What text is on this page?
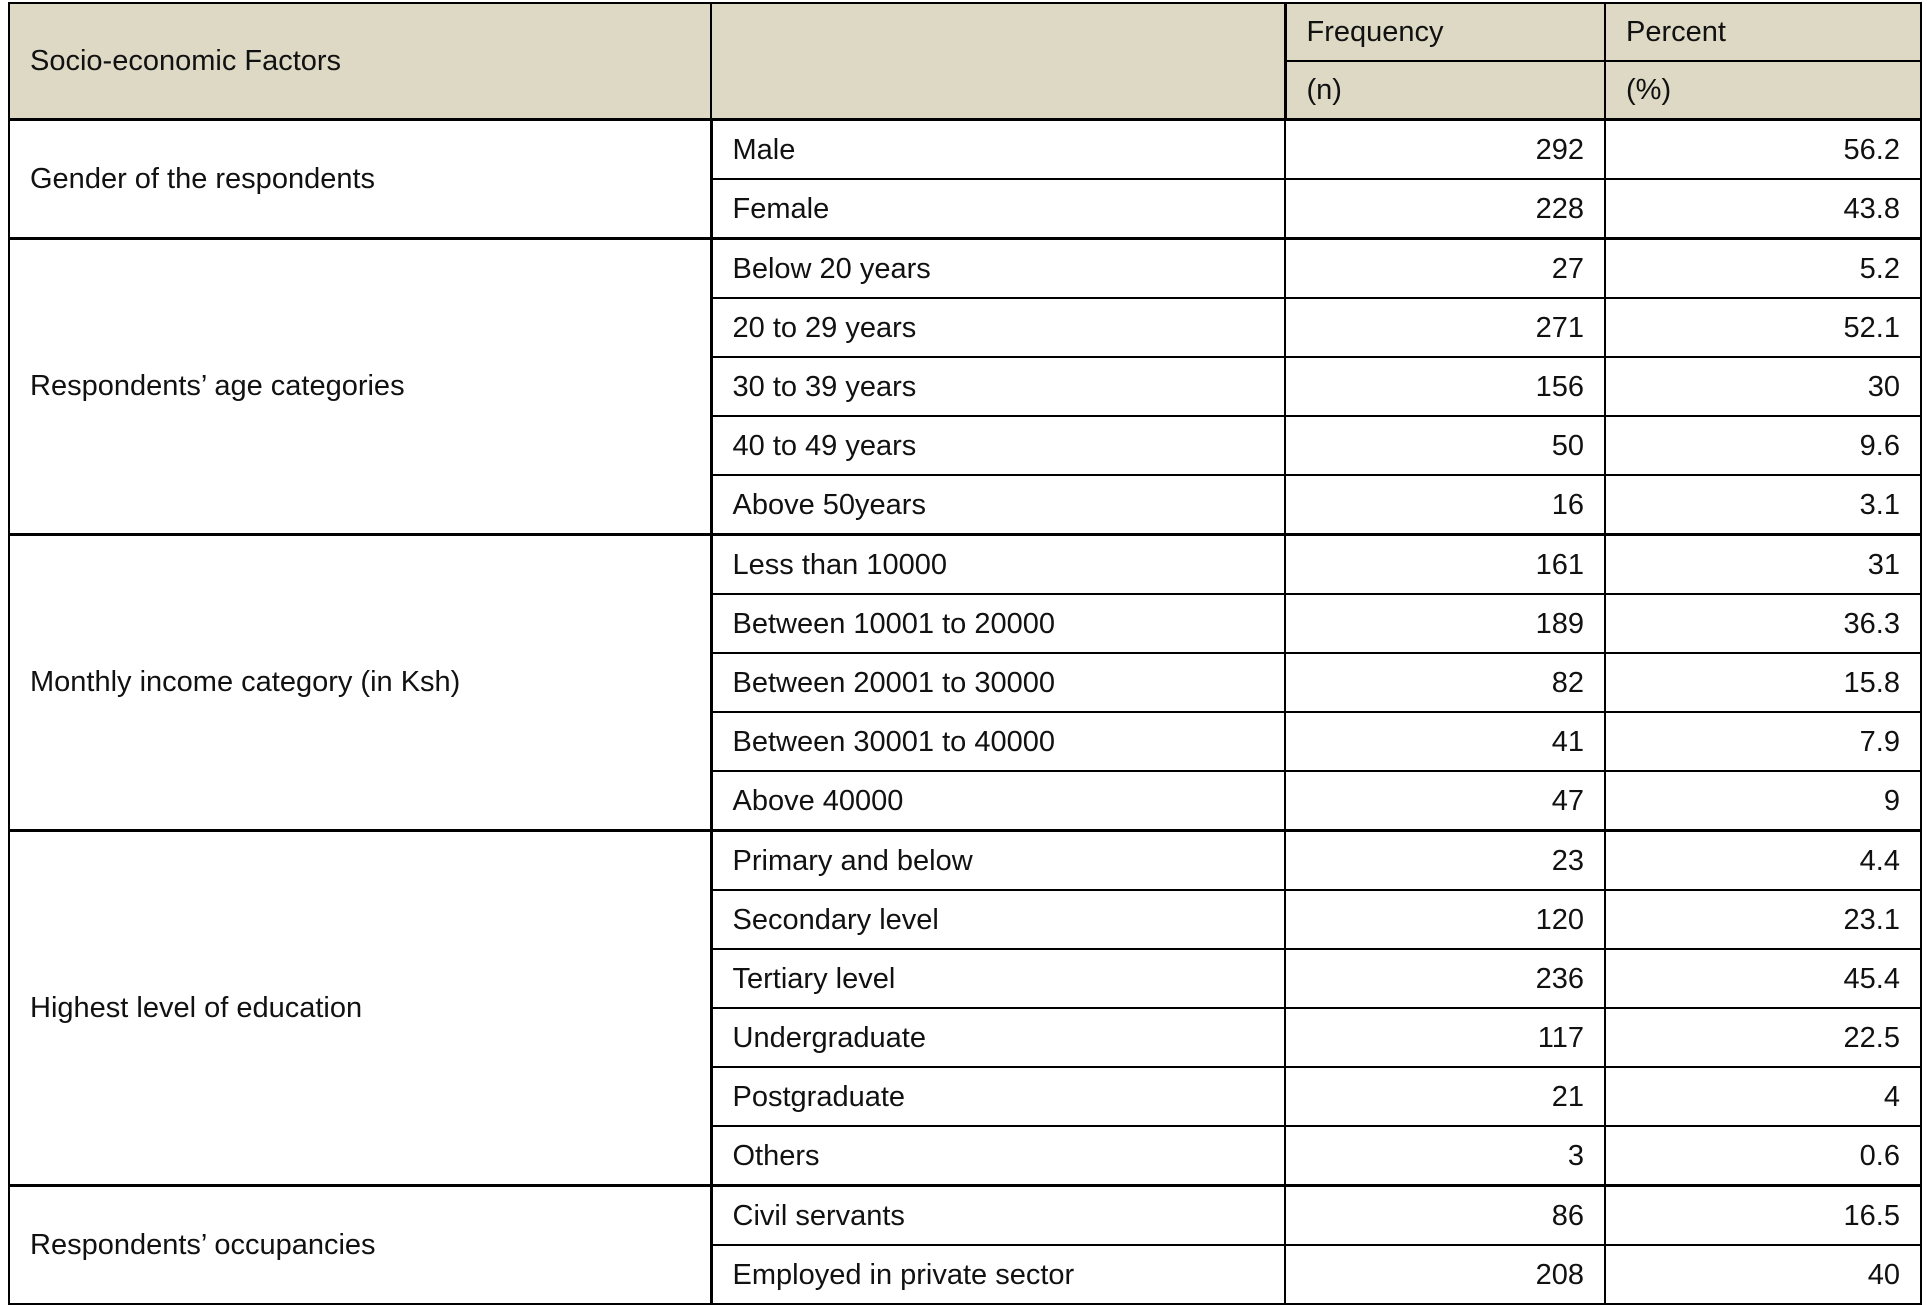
Socio-economic Factors		Frequency	Percent
		(n)	(%)
Gender of the respondents	Male	292	56.2
	Female	228	43.8
Respondents’ age categories	Below 20 years	27	5.2
	20 to 29 years	271	52.1
	30 to 39 years	156	30
	40 to 49 years	50	9.6
	Above 50years	16	3.1
Monthly income category (in Ksh)	Less than 10000	161	31
	Between 10001 to 20000	189	36.3
	Between 20001 to 30000	82	15.8
	Between 30001 to 40000	41	7.9
	Above 40000	47	9
Highest level of education	Primary and below	23	4.4
	Secondary level	120	23.1
	Tertiary level	236	45.4
	Undergraduate	117	22.5
	Postgraduate	21	4
	Others	3	0.6
Respondents’ occupancies	Civil servants	86	16.5
	Employed in private sector	208	40
